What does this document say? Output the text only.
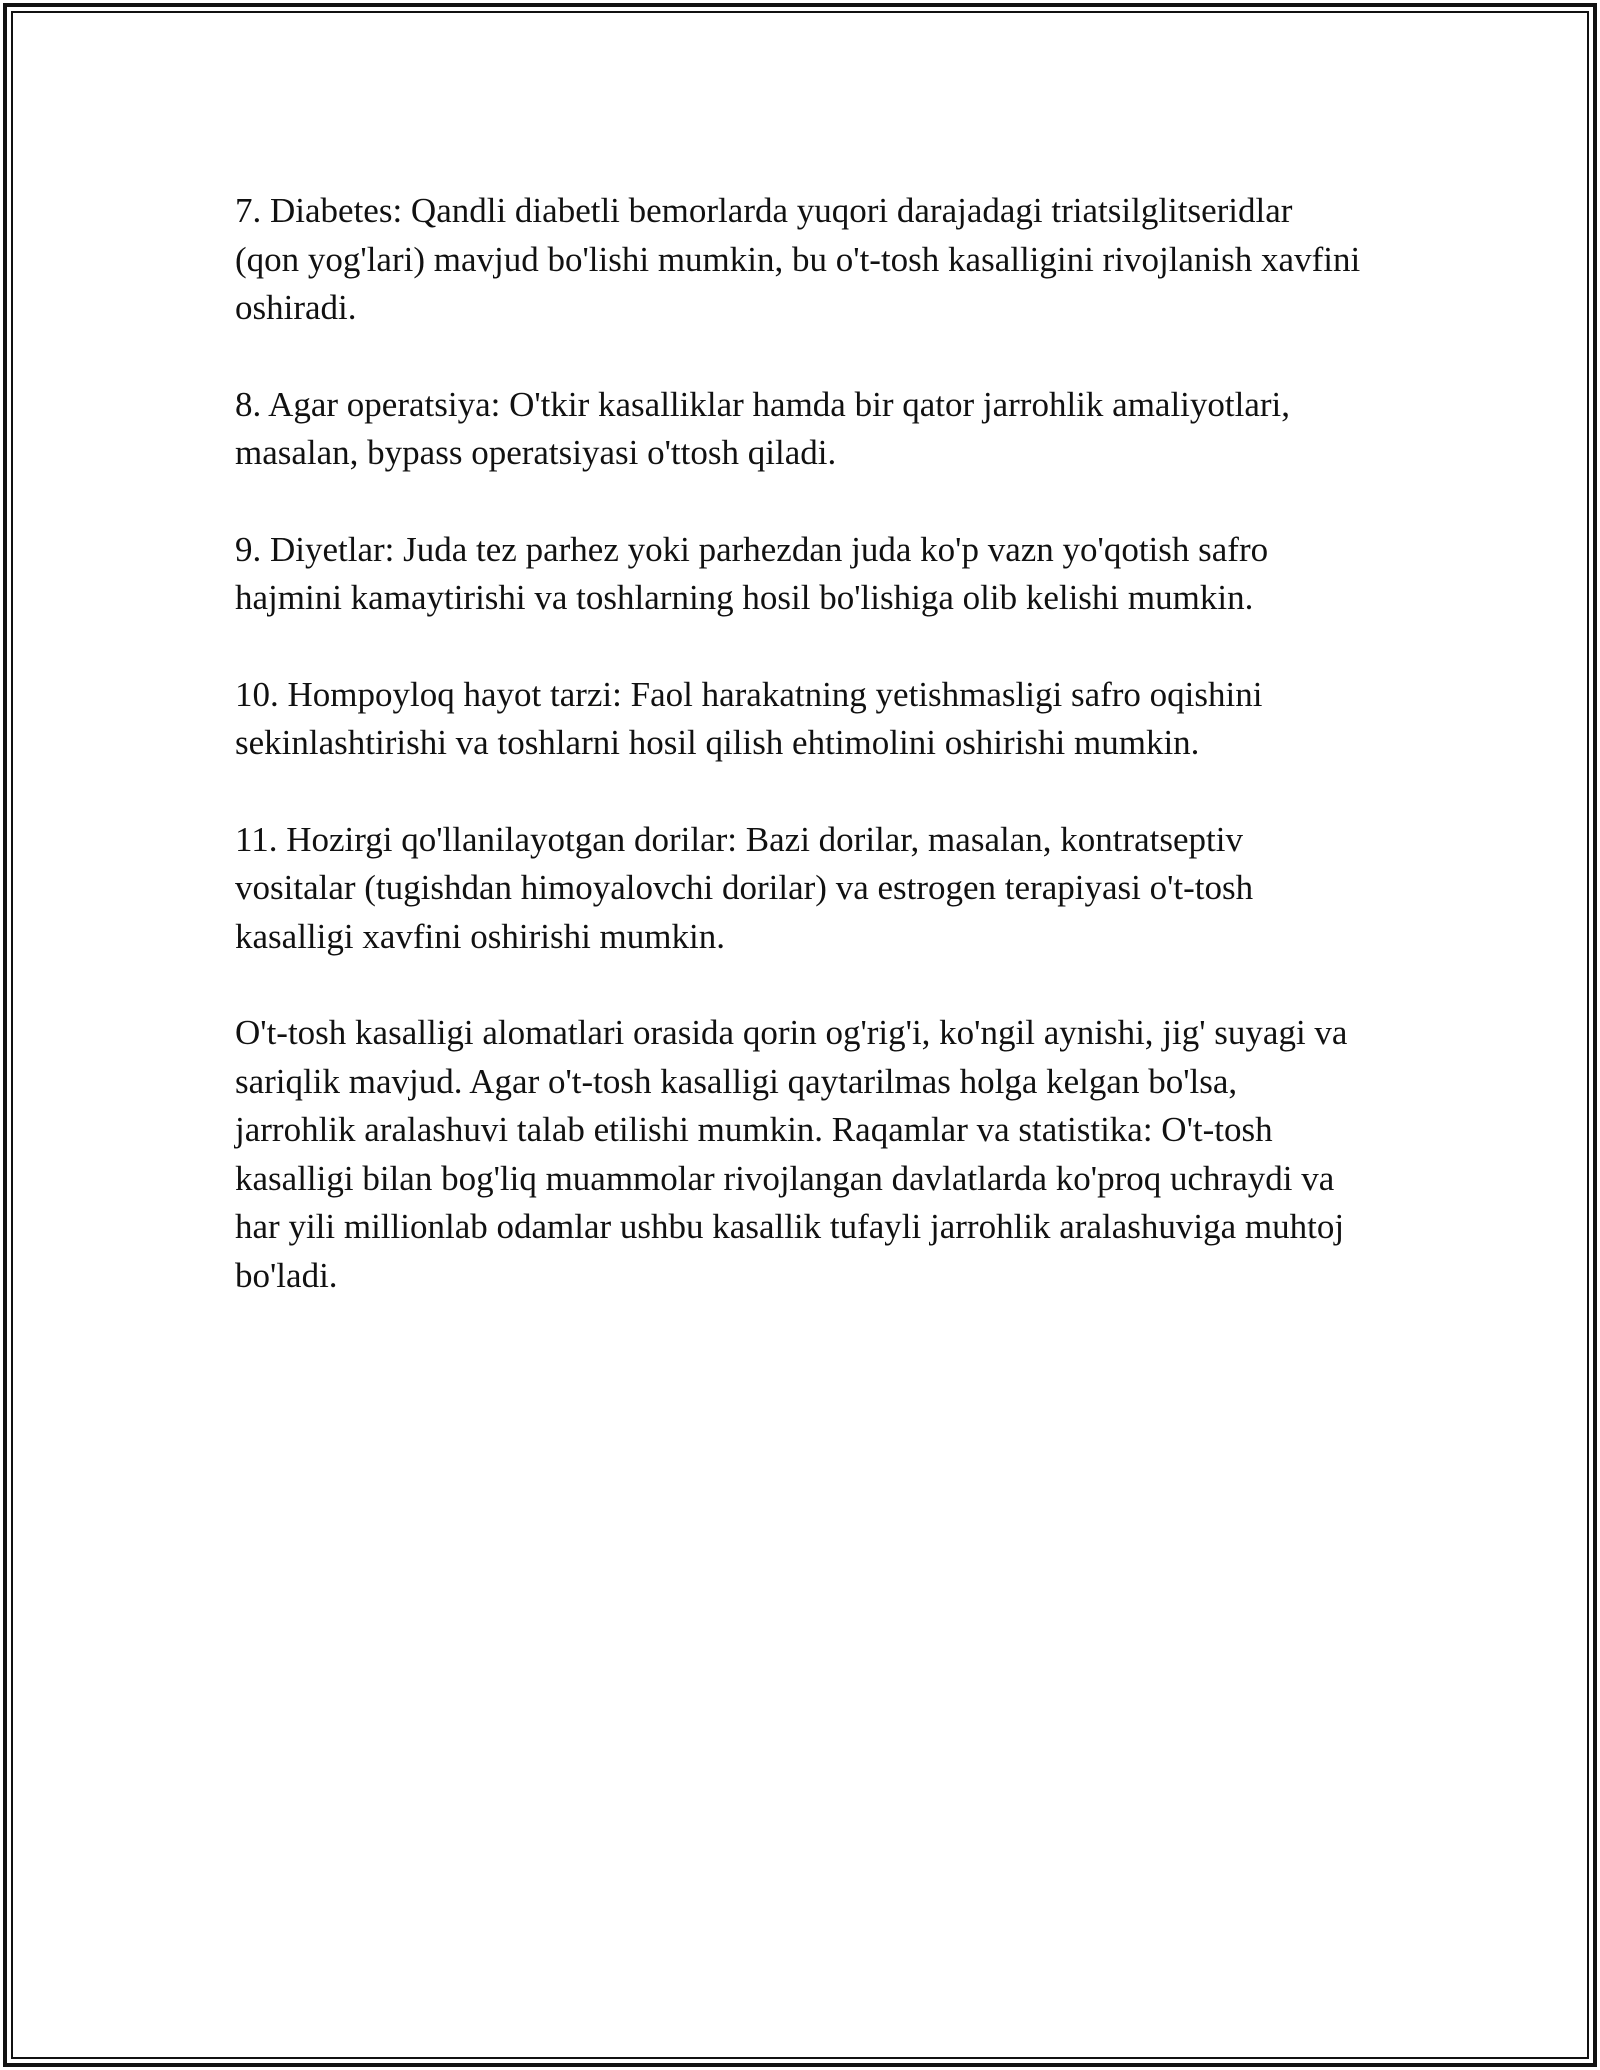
7. Diabetes: Qandli diabetli bemorlarda yuqori darajadagi triatsilglitseridlar (qon yog'lari) mavjud bo'lishi mumkin, bu o't-tosh kasalligini rivojlanish xavfini oshiradi.

8. Agar operatsiya: O'tkir kasalliklar hamda bir qator jarrohlik amaliyotlari, masalan, bypass operatsiyasi o'ttosh qiladi.

9. Diyetlar: Juda tez parhez yoki parhezdan juda ko'p vazn yo'qotish safro hajmini kamaytirishi va toshlarning hosil bo'lishiga olib kelishi mumkin.

10. Hompoyloq hayot tarzi: Faol harakatning yetishmasligi safro oqishini sekinlashtirishi va toshlarni hosil qilish ehtimolini oshirishi mumkin.

11. Hozirgi qo'llanilayotgan dorilar: Bazi dorilar, masalan, kontratseptiv vositalar (tugishdan himoyalovchi dorilar) va estrogen terapiyasi o't-tosh kasalligi xavfini oshirishi mumkin.

O't-tosh kasalligi alomatlari orasida qorin og'rig'i, ko'ngil aynishi, jig' suyagi va sariqlik mavjud. Agar o't-tosh kasalligi qaytarilmas holga kelgan bo'lsa, jarrohlik aralashuvi talab etilishi mumkin. Raqamlar va statistika: O't-tosh kasalligi bilan bog'liq muammolar rivojlangan davlatlarda ko'proq uchraydi va har yili millionlab odamlar ushbu kasallik tufayli jarrohlik aralashuviga muhtoj bo'ladi.
